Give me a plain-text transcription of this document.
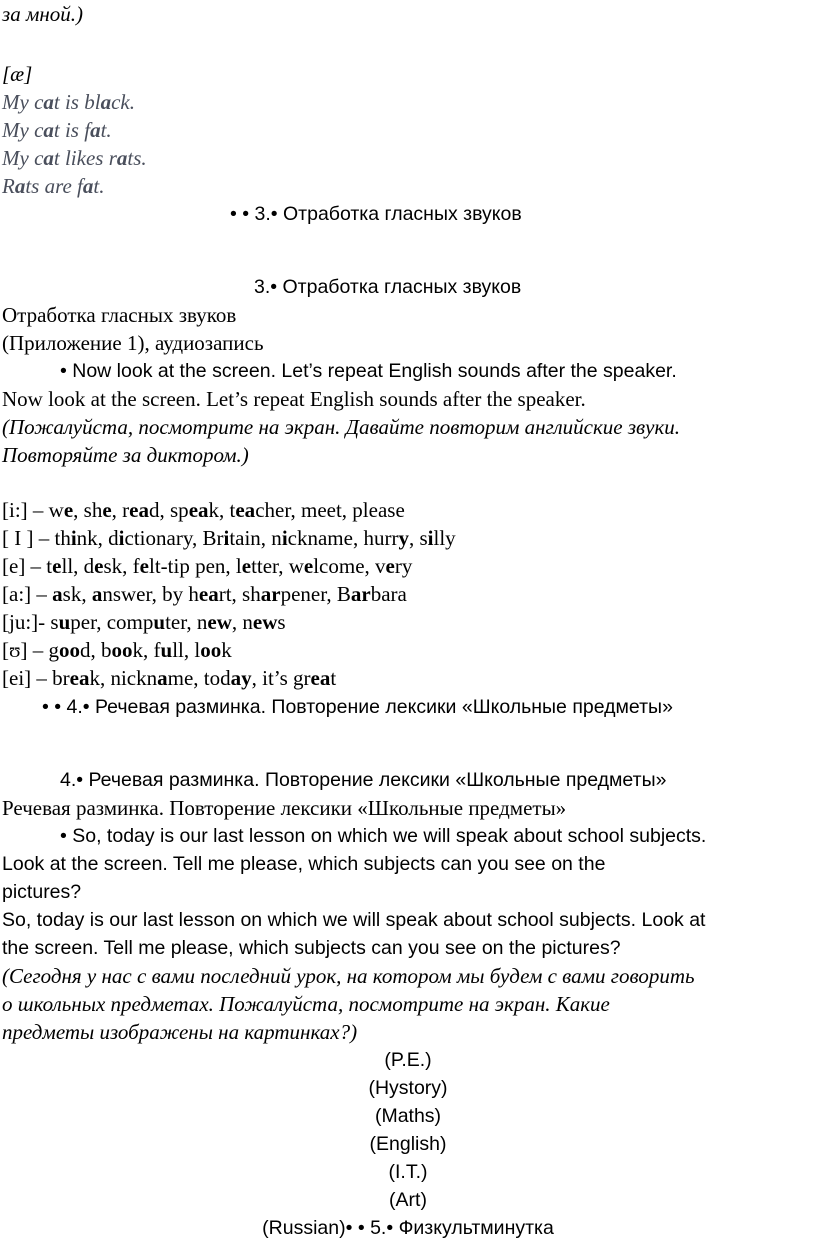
за мной.)
[æ]
My cat is black.
My cat is fat.
My cat likes rats.
Rats are fat.
• • 3.• Отработка гласных звуков
3.• Отработка гласных звуков
Отработка гласных звуков
(Приложение 1), аудиозапись
• Now look at the screen. Let’s repeat English sounds after the speaker.
Now look at the screen. Let’s repeat English sounds after the speaker.
(Пожалуйста, посмотрите на экран. Давайте повторим английские звуки.
Повторяйте за диктором.)
[i:] – we, she, read, speak, teacher, meet, please
[ I ] – think, dictionary, Britain, nickname, hurry, silly
[e] – tell, desk, felt-tip pen, letter, welcome, very
[a:] – ask, answer, by heart, sharpener, Barbara
[ju:]- super, computer, new, news
[ʊ] – good, book, full, look
[ei] – break, nickname, today, it’s great
• • 4.• Речевая разминка. Повторение лексики «Школьные предметы»
4.• Речевая разминка. Повторение лексики «Школьные предметы»
Речевая разминка. Повторение лексики «Школьные предметы»
• So, today is our last lesson on which we will speak about school subjects.
Look at the screen. Tell me please, which subjects can you see on the
pictures?
So, today is our last lesson on which we will speak about school subjects. Look at
the screen. Tell me please, which subjects can you see on the pictures?
(Сегодня у нас с вами последний урок, на котором мы будем с вами говорить
о школьных предметах. Пожалуйста, посмотрите на экран. Какие
предметы изображены на картинках?)
(P.E.)
(Hystory)
(Maths)
(English)
(I.T.)
(Art)
(Russian)• • 5.• Физкультминутка
